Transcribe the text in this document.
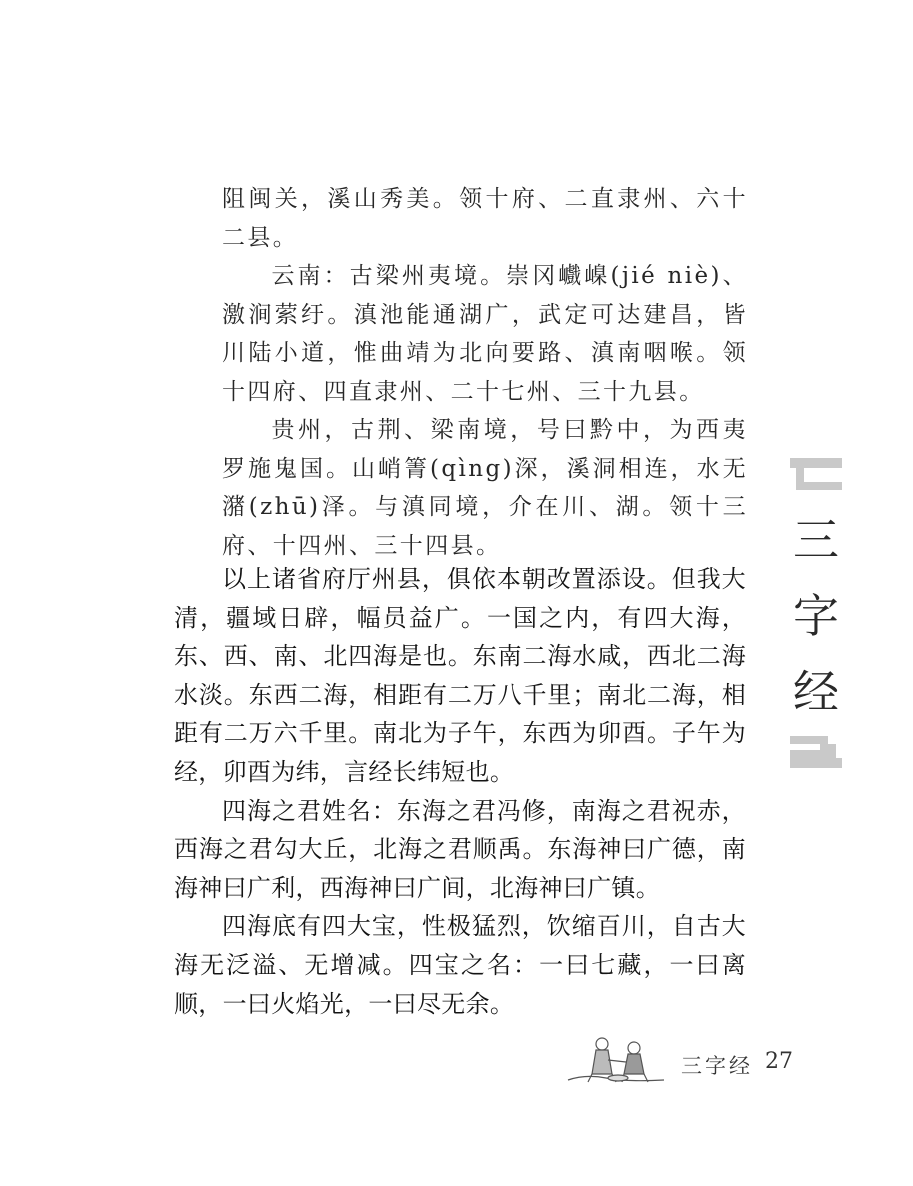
阻闽关，溪山秀美。领十府、二直隶州、六十二县。

云南：古梁州夷境。崇冈巇嵲(jié niè)、激涧萦纡。滇池能通湖广，武定可达建昌，皆川陆小道，惟曲靖为北向要路、滇南咽喉。领十四府、四直隶州、二十七州、三十九县。

贵州，古荆、梁南境，号曰黔中，为西夷罗施鬼国。山峭箐(qìng)深，溪洞相连，水无潴(zhū)泽。与滇同境，介在川、湖。领十三府、十四州、三十四县。

以上诸省府厅州县，俱依本朝改置添设。但我大清，疆域日辟，幅员益广。一国之内，有四大海，东、西、南、北四海是也。东南二海水咸，西北二海水淡。东西二海，相距有二万八千里；南北二海，相距有二万六千里。南北为子午，东西为卯酉。子午为经，卯酉为纬，言经长纬短也。

四海之君姓名：东海之君冯修，南海之君祝赤，西海之君勾大丘，北海之君顺禹。东海神曰广德，南海神曰广利，西海神曰广间，北海神曰广镇。

四海底有四大宝，性极猛烈，饮缩百川，自古大海无泛溢、无增减。四宝之名：一曰七藏，一曰离顺，一曰火焰光，一曰尽无余。

三
字
经
三字经 27
